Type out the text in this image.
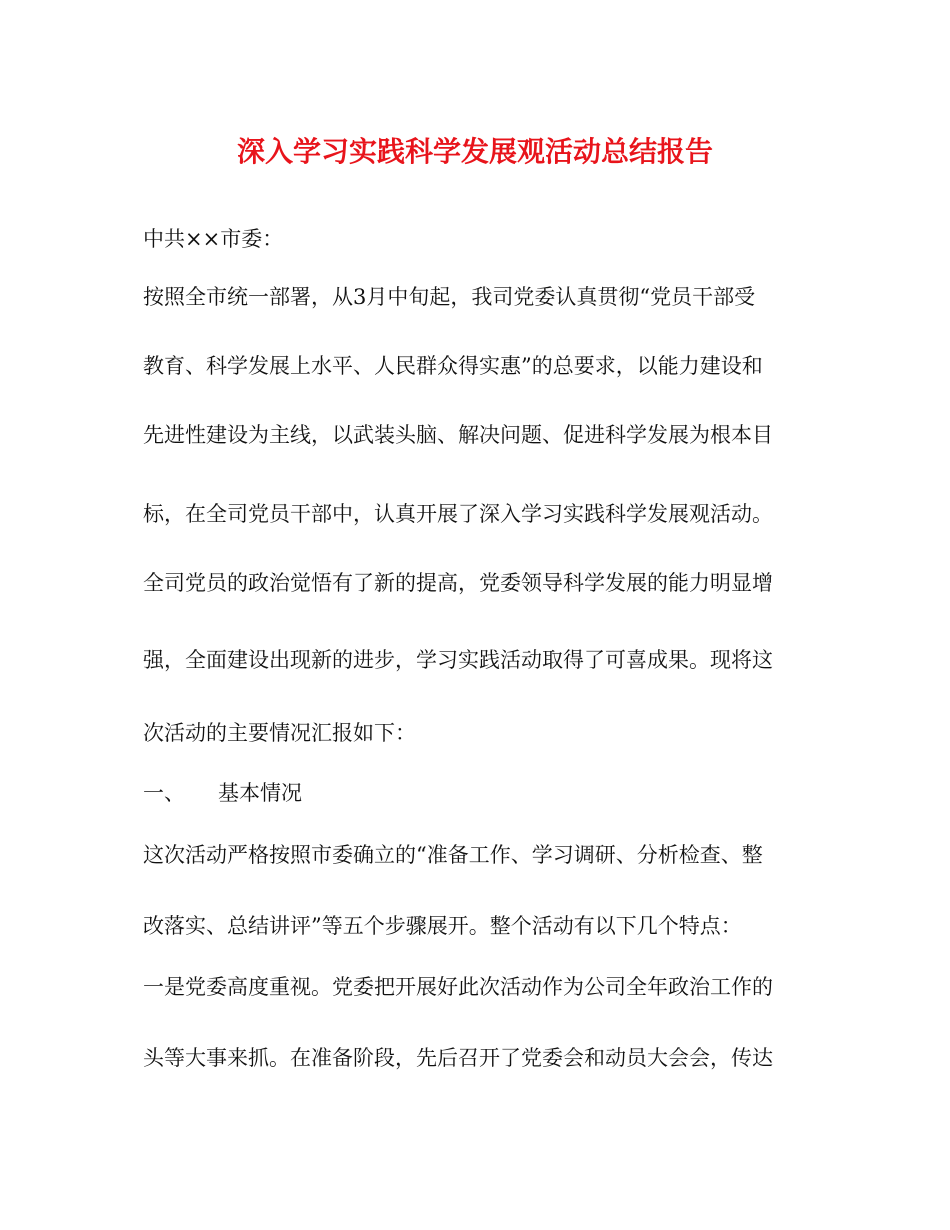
深入学习实践科学发展观活动总结报告
中共××市委：
按照全市统一部署，从3月中旬起，我司党委认真贯彻“党员干部受
教育、科学发展上水平、人民群众得实惠”的总要求，以能力建设和
先进性建设为主线，以武装头脑、解决问题、促进科学发展为根本目
标，在全司党员干部中，认真开展了深入学习实践科学发展观活动。
全司党员的政治觉悟有了新的提高，党委领导科学发展的能力明显增
强，全面建设出现新的进步，学习实践活动取得了可喜成果。现将这
次活动的主要情况汇报如下：
一、 基本情况
这次活动严格按照市委确立的“准备工作、学习调研、分析检查、整
改落实、总结讲评”等五个步骤展开。整个活动有以下几个特点：
一是党委高度重视。党委把开展好此次活动作为公司全年政治工作的
头等大事来抓。在准备阶段，先后召开了党委会和动员大会会，传达
